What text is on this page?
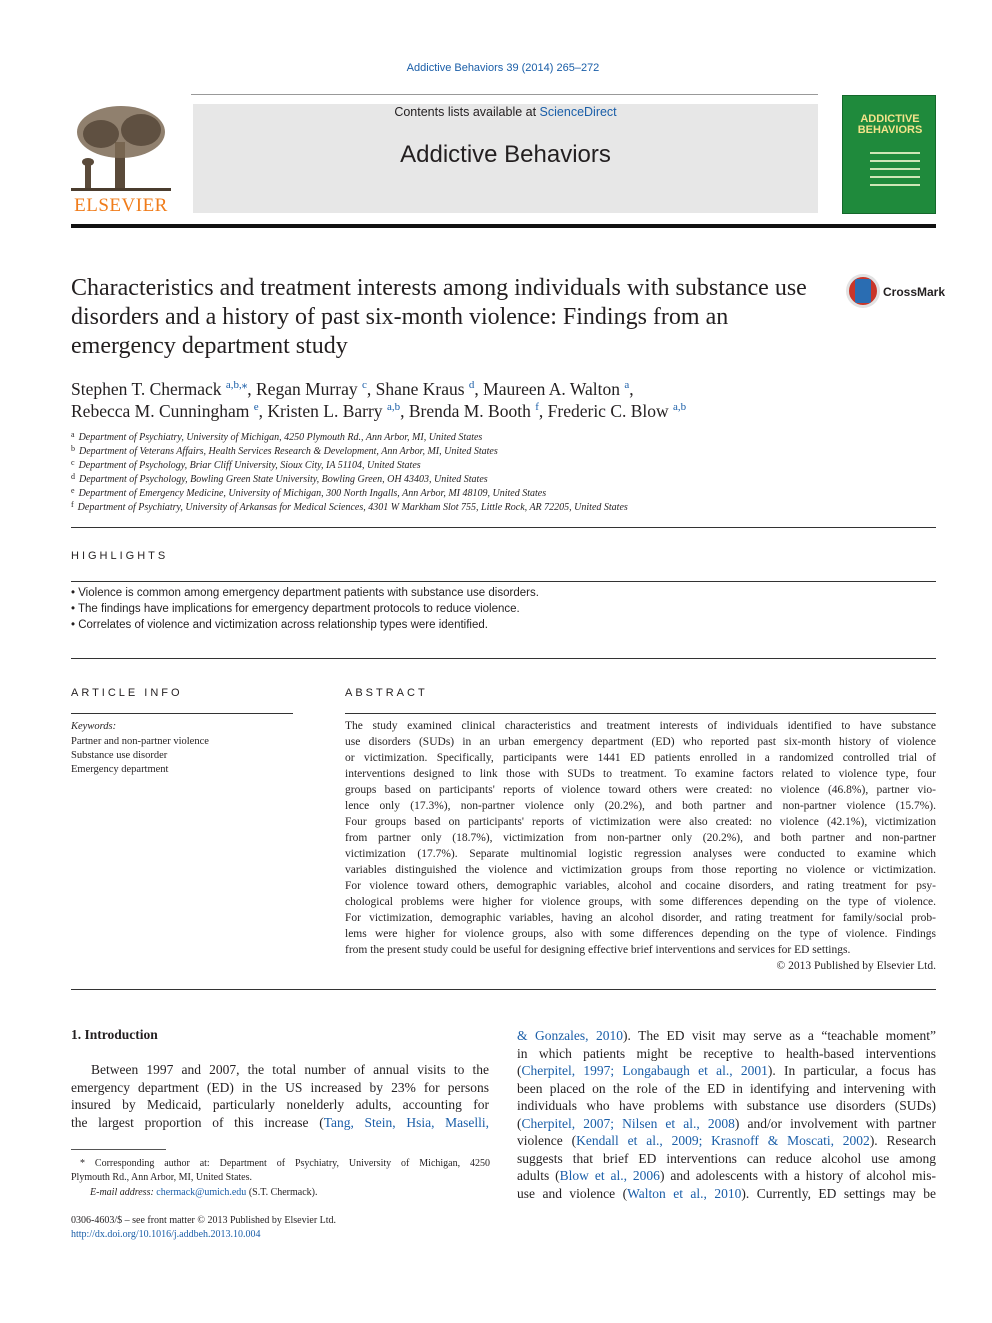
Addictive Behaviors 39 (2014) 265–272
ELSEVIER
Contents lists available at ScienceDirect
Addictive Behaviors
ADDICTIVE
BEHAVIORS
Characteristics and treatment interests among individuals with substance use disorders and a history of past six-month violence: Findings from an emergency department study
CrossMark
Stephen T. Chermack $^{a,b,⁎}$, Regan Murray $^c$, Shane Kraus $^d$, Maureen A. Walton $^a$,
Rebecca M. Cunningham $^e$, Kristen L. Barry $^{a,b}$, Brenda M. Booth $^f$, Frederic C. Blow $^{a,b}$
$^a$ Department of Psychiatry, University of Michigan, 4250 Plymouth Rd., Ann Arbor, MI, United States
$^b$ Department of Veterans Affairs, Health Services Research & Development, Ann Arbor, MI, United States
$^c$ Department of Psychology, Briar Cliff University, Sioux City, IA 51104, United States
$^d$ Department of Psychology, Bowling Green State University, Bowling Green, OH 43403, United States
$^e$ Department of Emergency Medicine, University of Michigan, 300 North Ingalls, Ann Arbor, MI 48109, United States
$^f$ Department of Psychiatry, University of Arkansas for Medical Sciences, 4301 W Markham Slot 755, Little Rock, AR 72205, United States
HIGHLIGHTS
• Violence is common among emergency department patients with substance use disorders.
• The findings have implications for emergency department protocols to reduce violence.
• Correlates of violence and victimization across relationship types were identified.
ARTICLE INFO
Keywords:
Partner and non-partner violence
Substance use disorder
Emergency department
ABSTRACT
The study examined clinical characteristics and treatment interests of individuals identified to have substance
use disorders (SUDs) in an urban emergency department (ED) who reported past six-month history of violence
or victimization. Specifically, participants were 1441 ED patients enrolled in a randomized controlled trial of
interventions designed to link those with SUDs to treatment. To examine factors related to violence type, four
groups based on participants' reports of violence toward others were created: no violence (46.8%), partner vio-
lence only (17.3%), non-partner violence only (20.2%), and both partner and non-partner violence (15.7%).
Four groups based on participants' reports of victimization were also created: no violence (42.1%), victimization
from partner only (18.7%), victimization from non-partner only (20.2%), and both partner and non-partner
victimization (17.7%). Separate multinomial logistic regression analyses were conducted to examine which
variables distinguished the violence and victimization groups from those reporting no violence or victimization.
For violence toward others, demographic variables, alcohol and cocaine disorders, and rating treatment for psy-
chological problems were higher for violence groups, with some differences depending on the type of violence.
For victimization, demographic variables, having an alcohol disorder, and rating treatment for family/social prob-
lems were higher for violence groups, also with some differences depending on the type of violence. Findings
from the present study could be useful for designing effective brief interventions and services for ED settings.
© 2013 Published by Elsevier Ltd.
1. Introduction
Between 1997 and 2007, the total number of annual visits to the
emergency department (ED) in the US increased by 23% for persons
insured by Medicaid, particularly nonelderly adults, accounting for
the largest proportion of this increase (Tang, Stein, Hsia, Maselli,
* Corresponding author at: Department of Psychiatry, University of Michigan, 4250
Plymouth Rd., Ann Arbor, MI, United States.
E-mail address: chermack@umich.edu (S.T. Chermack).
0306-4603/$ – see front matter © 2013 Published by Elsevier Ltd.
http://dx.doi.org/10.1016/j.addbeh.2013.10.004
& Gonzales, 2010). The ED visit may serve as a “teachable moment”
in which patients might be receptive to health-based interventions
(Cherpitel, 1997; Longabaugh et al., 2001). In particular, a focus has
been placed on the role of the ED in identifying and intervening with
individuals who have problems with substance use disorders (SUDs)
(Cherpitel, 2007; Nilsen et al., 2008) and/or involvement with partner
violence (Kendall et al., 2009; Krasnoff & Moscati, 2002). Research
suggests that brief ED interventions can reduce alcohol use among
adults (Blow et al., 2006) and adolescents with a history of alcohol mis-
use and violence (Walton et al., 2010). Currently, ED settings may be
